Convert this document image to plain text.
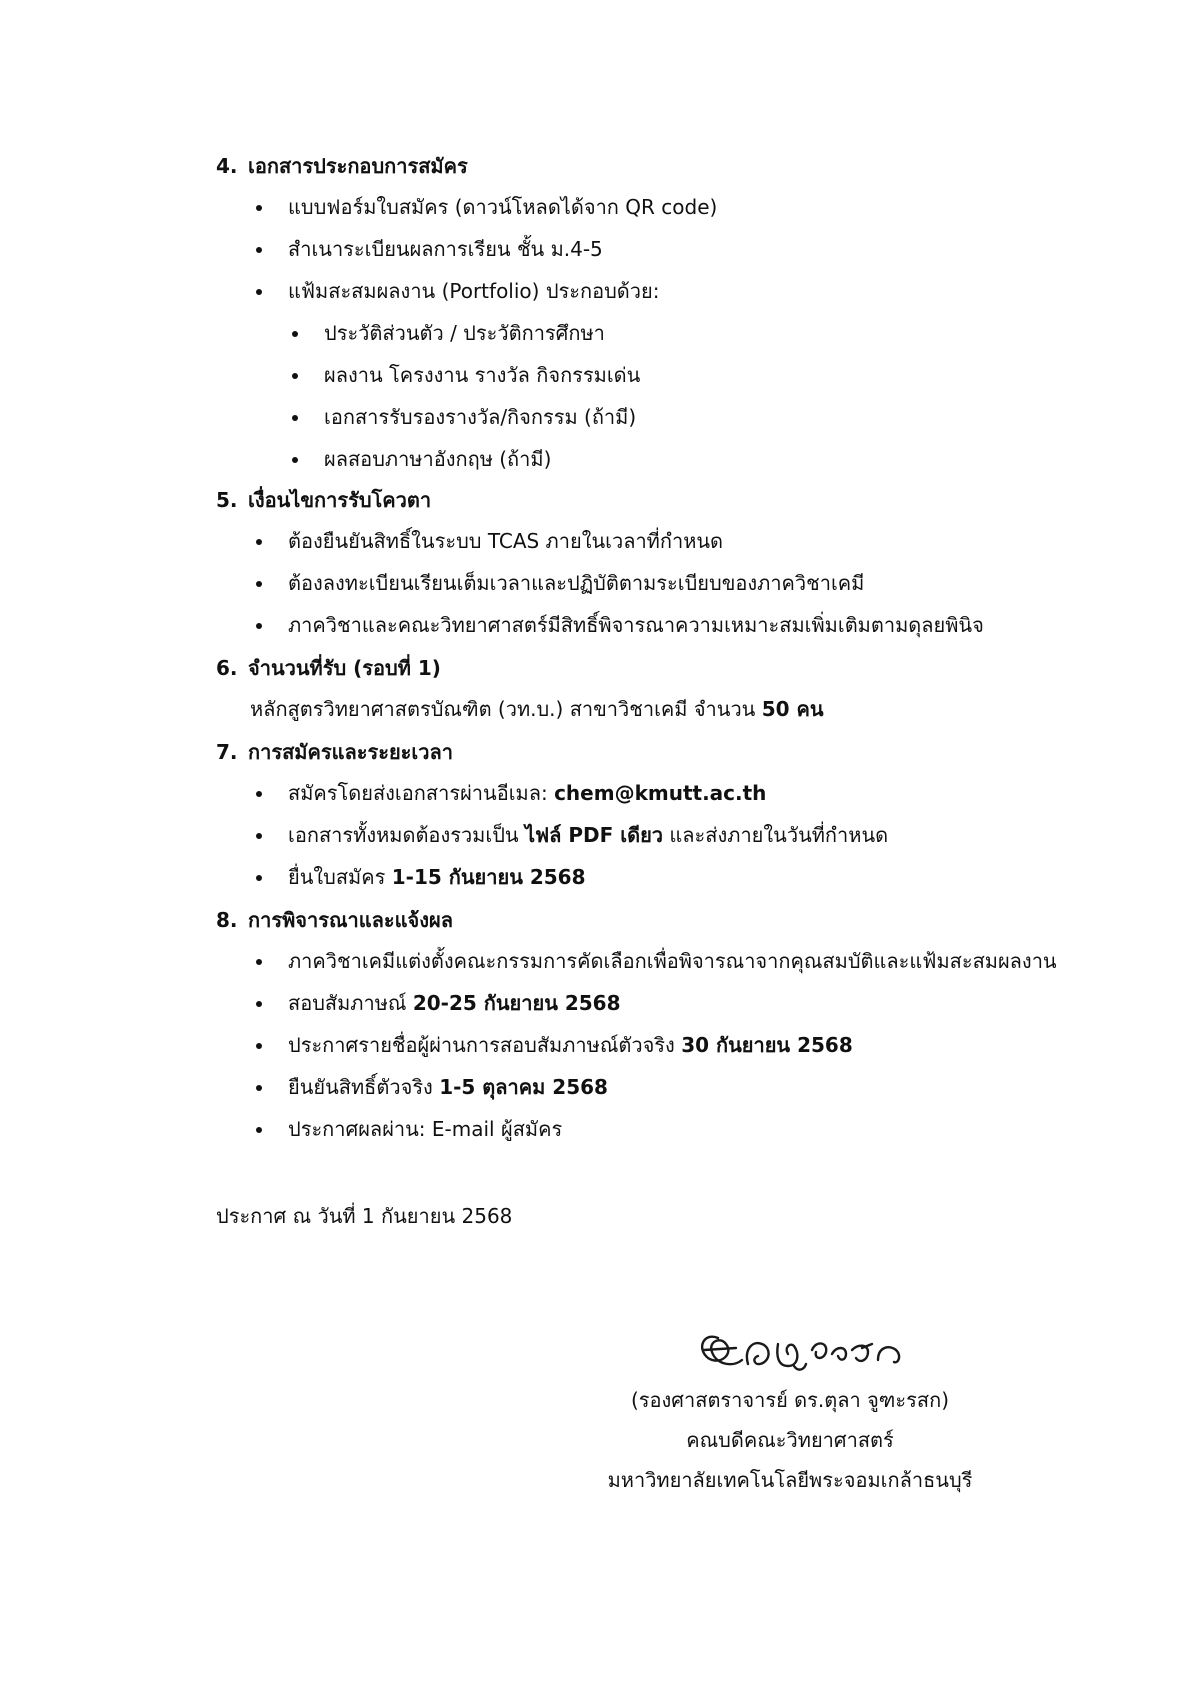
4. เอกสารประกอบการสมัคร
แบบฟอร์มใบสมัคร (ดาวน์โหลดได้จาก QR code)
สำเนาระเบียนผลการเรียน ชั้น ม.4-5
แฟ้มสะสมผลงาน (Portfolio) ประกอบด้วย:
ประวัติส่วนตัว / ประวัติการศึกษา
ผลงาน โครงงาน รางวัล กิจกรรมเด่น
เอกสารรับรองรางวัล/กิจกรรม (ถ้ามี)
ผลสอบภาษาอังกฤษ (ถ้ามี)
5. เงื่อนไขการรับโควตา
ต้องยืนยันสิทธิ์ในระบบ TCAS ภายในเวลาที่กำหนด
ต้องลงทะเบียนเรียนเต็มเวลาและปฏิบัติตามระเบียบของภาควิชาเคมี
ภาควิชาและคณะวิทยาศาสตร์มีสิทธิ์พิจารณาความเหมาะสมเพิ่มเติมตามดุลยพินิจ
6. จำนวนที่รับ (รอบที่ 1)
หลักสูตรวิทยาศาสตรบัณฑิต (วท.บ.) สาขาวิชาเคมี จำนวน 50 คน
7. การสมัครและระยะเวลา
สมัครโดยส่งเอกสารผ่านอีเมล: chem@kmutt.ac.th
เอกสารทั้งหมดต้องรวมเป็น ไฟล์ PDF เดียว และส่งภายในวันที่กำหนด
ยื่นใบสมัคร 1-15 กันยายน 2568
8. การพิจารณาและแจ้งผล
ภาควิชาเคมีแต่งตั้งคณะกรรมการคัดเลือกเพื่อพิจารณาจากคุณสมบัติและแฟ้มสะสมผลงาน
สอบสัมภาษณ์ 20-25 กันยายน 2568
ประกาศรายชื่อผู้ผ่านการสอบสัมภาษณ์ตัวจริง 30 กันยายน 2568
ยืนยันสิทธิ์ตัวจริง 1-5 ตุลาคม 2568
ประกาศผลผ่าน: E-mail ผู้สมัคร
ประกาศ ณ วันที่ 1 กันยายน 2568
(รองศาสตราจารย์ ดร.ตุลา จูฑะรสก)
คณบดีคณะวิทยาศาสตร์
มหาวิทยาลัยเทคโนโลยีพระจอมเกล้าธนบุรี
